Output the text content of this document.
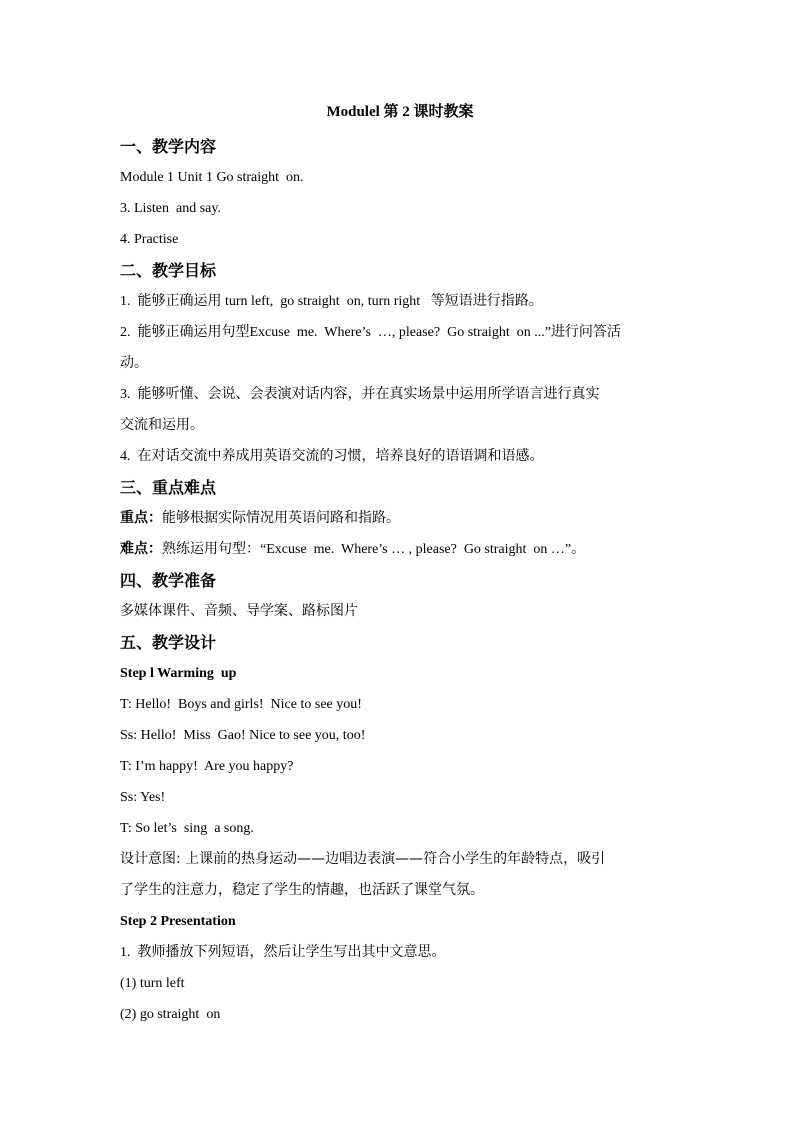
Modulel 第 2 课时教案
一、教学内容
Module 1 Unit 1 Go straight  on.
3. Listen  and say.
4. Practise
二、教学目标
1.  能够正确运用 turn left,  go straight  on, turn right   等短语进行指路。
2.  能够正确运用句型Excuse  me.  Where’s  …, please?  Go straight  on ...”进行问答活
动。
3.  能够听懂、会说、会表演对话内容，并在真实场景中运用所学语言进行真实
交流和运用。
4.  在对话交流中养成用英语交流的习惯，培养良好的语语调和语感。
三、重点难点
重点：能够根据实际情况用英语问路和指路。
难点：熟练运用句型：“Excuse  me.  Where’s … , please?  Go straight  on …”。
四、教学准备
多媒体课件、音频、导学案、路标图片
五、教学设计
Step l Warming  up
T: Hello!  Boys and girls!  Nice to see you!
Ss: Hello!  Miss  Gao! Nice to see you, too!
T: I’m happy!  Are you happy?
Ss: Yes!
T: So let’s  sing  a song.
设计意图: 上课前的热身运动——边唱边表演——符合小学生的年龄特点，吸引
了学生的注意力，稳定了学生的情趣，也活跃了课堂气氛。
Step 2 Presentation
1.  教师播放下列短语，然后让学生写出其中文意思。
(1) turn left
(2) go straight  on
